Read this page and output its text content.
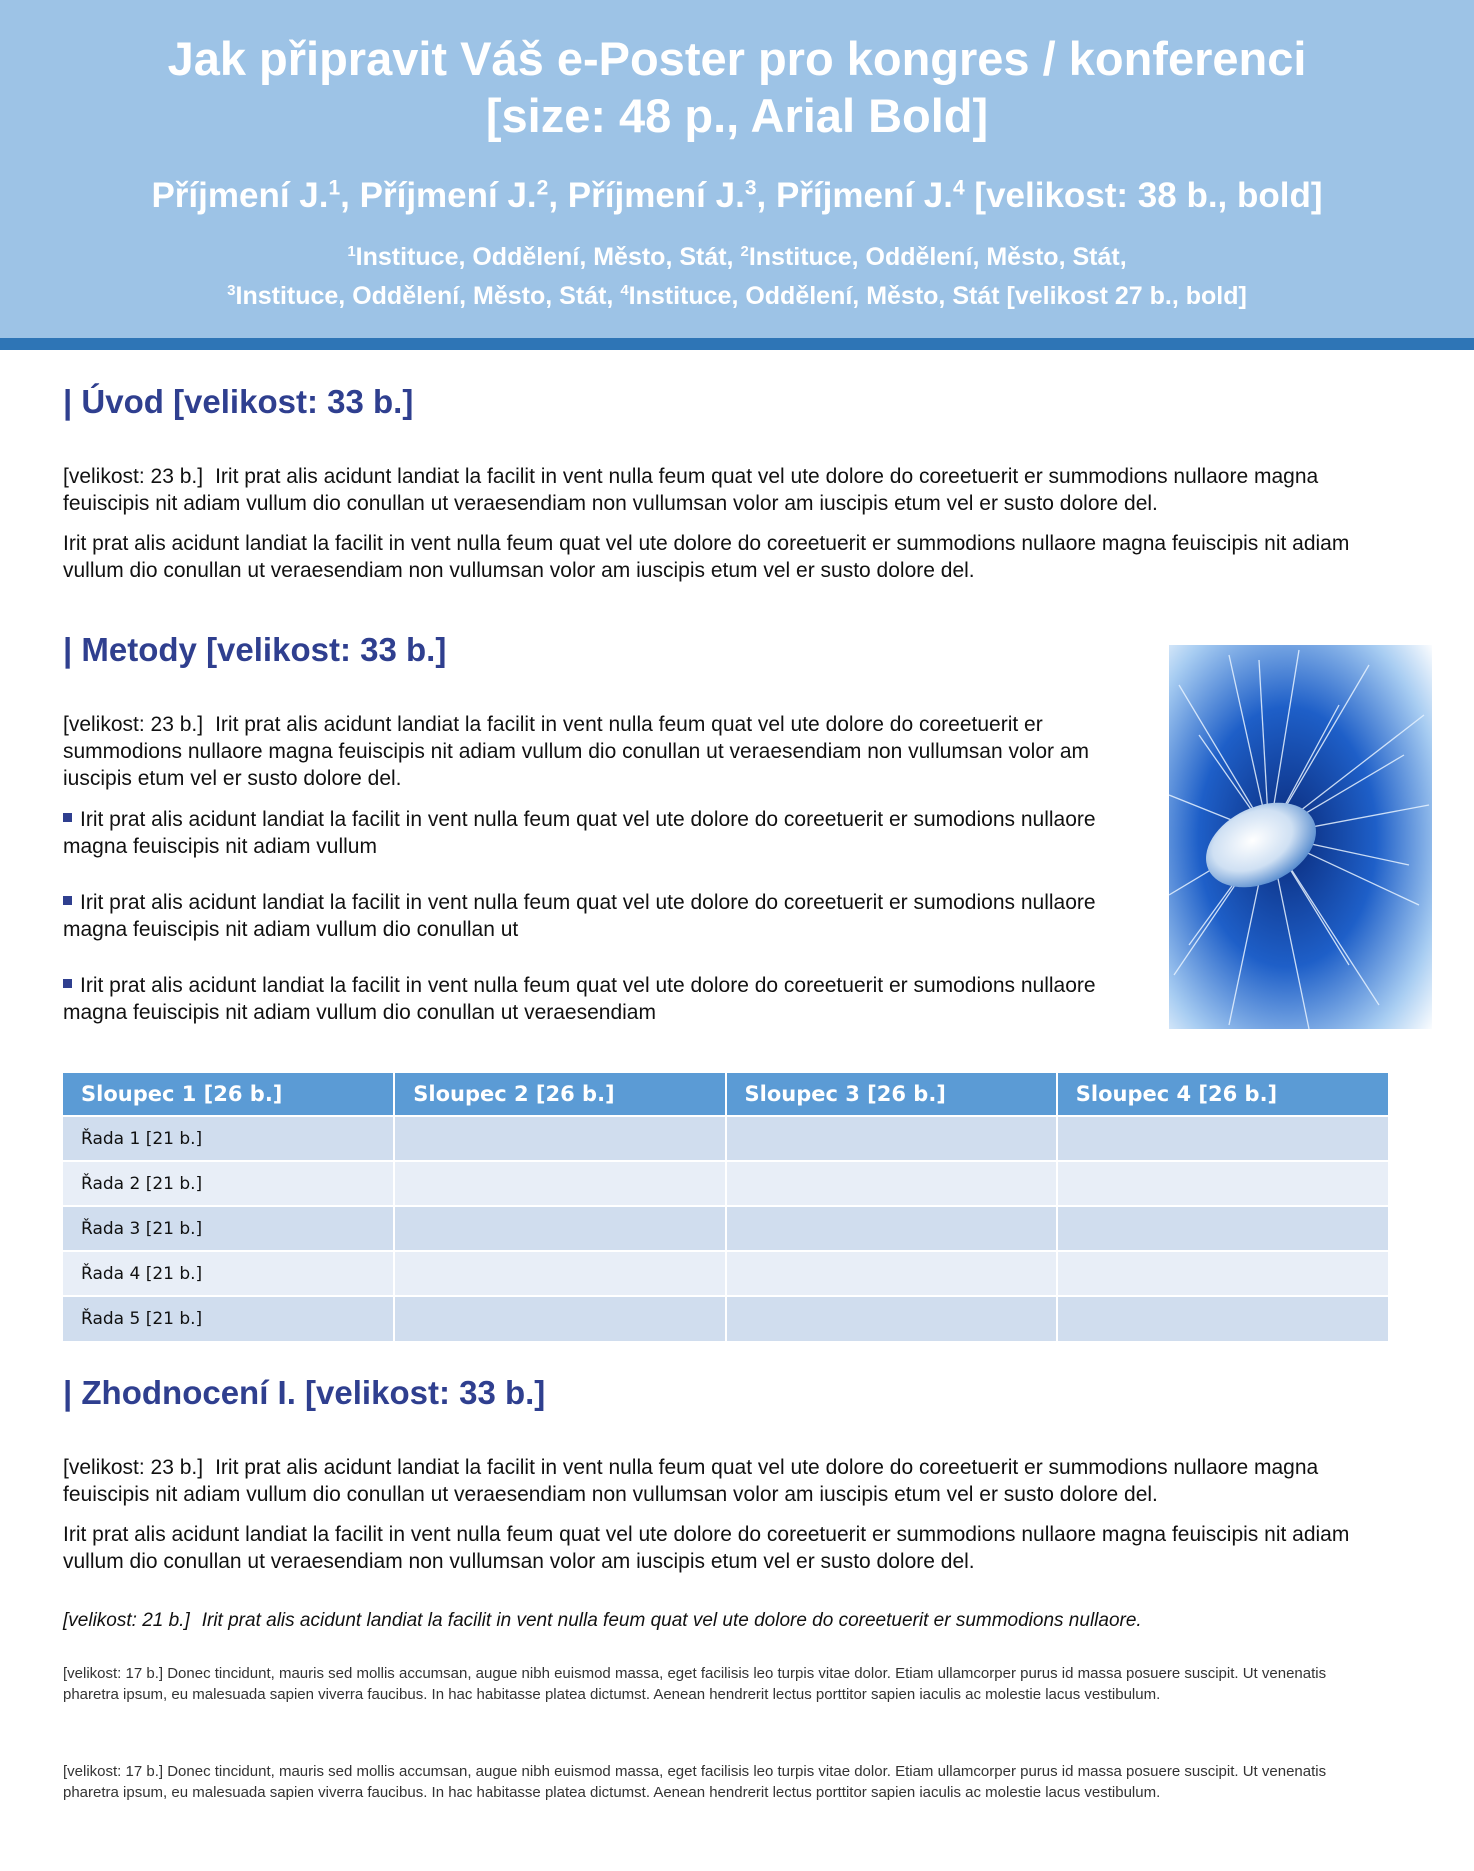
Jak připravit Váš e-Poster pro kongres / konferenci
[size: 48 p., Arial Bold]
Příjmení J.$^1$, Příjmení J.$^2$, Příjmení J.$^3$, Příjmení J.$^4$ [velikost: 38 b., bold]
$^1$Instituce, Oddělení, Město, Stát, $^2$Instituce, Oddělení, Město, Stát,
$^3$Instituce, Oddělení, Město, Stát, $^4$Instituce, Oddělení, Město, Stát [velikost 27 b., bold]
| Úvod [velikost: 33 b.]

[velikost: 23 b.] Irit prat alis acidunt landiat la facilit in vent nulla feum quat vel ute dolore do coreetuerit er summodions nullaore magna feuiscipis nit adiam vullum dio conullan ut veraesendiam non vullumsan volor am iuscipis etum vel er susto dolore del.

Irit prat alis acidunt landiat la facilit in vent nulla feum quat vel ute dolore do coreetuerit er summodions nullaore magna feuiscipis nit adiam vullum dio conullan ut veraesendiam non vullumsan volor am iuscipis etum vel er susto dolore del.

| Metody [velikost: 33 b.]

[velikost: 23 b.] Irit prat alis acidunt landiat la facilit in vent nulla feum quat vel ute dolore do coreetuerit er summodions nullaore magna feuiscipis nit adiam vullum dio conullan ut veraesendiam non vullumsan volor am iuscipis etum vel er susto dolore del.

Irit prat alis acidunt landiat la facilit in vent nulla feum quat vel ute dolore do coreetuerit er sumodions nullaore magna feuiscipis nit adiam vullum
Irit prat alis acidunt landiat la facilit in vent nulla feum quat vel ute dolore do coreetuerit er sumodions nullaore magna feuiscipis nit adiam vullum dio conullan ut
Irit prat alis acidunt landiat la facilit in vent nulla feum quat vel ute dolore do coreetuerit er sumodions nullaore magna feuiscipis nit adiam vullum dio conullan ut veraesendiam
Sloupec 1 [26 b.]	Sloupec 2 [26 b.]	Sloupec 3 [26 b.]	Sloupec 4 [26 b.]
Řada 1 [21 b.]			
Řada 2 [21 b.]			
Řada 3 [21 b.]			
Řada 4 [21 b.]			
Řada 5 [21 b.]			
| Zhodnocení I. [velikost: 33 b.]

[velikost: 23 b.] Irit prat alis acidunt landiat la facilit in vent nulla feum quat vel ute dolore do coreetuerit er summodions nullaore magna feuiscipis nit adiam vullum dio conullan ut veraesendiam non vullumsan volor am iuscipis etum vel er susto dolore del.

Irit prat alis acidunt landiat la facilit in vent nulla feum quat vel ute dolore do coreetuerit er summodions nullaore magna feuiscipis nit adiam vullum dio conullan ut veraesendiam non vullumsan volor am iuscipis etum vel er susto dolore del.

[velikost: 21 b.] Irit prat alis acidunt landiat la facilit in vent nulla feum quat vel ute dolore do coreetuerit er summodions nullaore.

[velikost: 17 b.] Donec tincidunt, mauris sed mollis accumsan, augue nibh euismod massa, eget facilisis leo turpis vitae dolor. Etiam ullamcorper purus id massa posuere suscipit. Ut venenatis pharetra ipsum, eu malesuada sapien viverra faucibus. In hac habitasse platea dictumst. Aenean hendrerit lectus porttitor sapien iaculis ac molestie lacus vestibulum.

[velikost: 17 b.] Donec tincidunt, mauris sed mollis accumsan, augue nibh euismod massa, eget facilisis leo turpis vitae dolor. Etiam ullamcorper purus id massa posuere suscipit. Ut venenatis pharetra ipsum, eu malesuada sapien viverra faucibus. In hac habitasse platea dictumst. Aenean hendrerit lectus porttitor sapien iaculis ac molestie lacus vestibulum.
